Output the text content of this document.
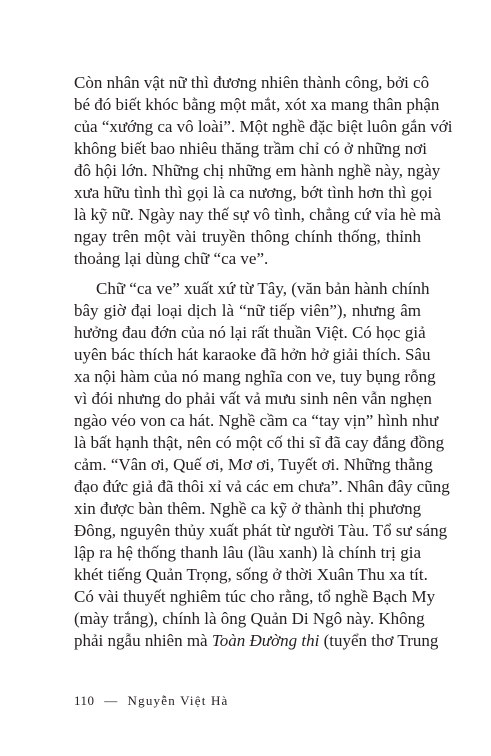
Còn nhân vật nữ thì đương nhiên thành công, bởi cô
bé đó biết khóc bằng một mắt, xót xa mang thân phận
của “xướng ca vô loài”. Một nghề đặc biệt luôn gắn với
không biết bao nhiêu thăng trầm chỉ có ở những nơi
đô hội lớn. Những chị những em hành nghề này, ngày
xưa hữu tình thì gọi là ca nương, bớt tình hơn thì gọi
là kỹ nữ. Ngày nay thế sự vô tình, chẳng cứ vỉa hè mà
ngay trên một vài truyền thông chính thống, thỉnh
thoảng lại dùng chữ “ca ve”.
Chữ “ca ve” xuất xứ từ Tây, (văn bản hành chính
bây giờ đại loại dịch là “nữ tiếp viên”), nhưng âm
hưởng đau đớn của nó lại rất thuần Việt. Có học giả
uyên bác thích hát karaoke đã hởn hở giải thích. Sâu
xa nội hàm của nó mang nghĩa con ve, tuy bụng rỗng
vì đói nhưng do phải vất vả mưu sinh nên vẫn nghẹn
ngào véo von ca hát. Nghề cầm ca “tay vịn” hình như
là bất hạnh thật, nên có một cố thi sĩ đã cay đắng đồng
cảm. “Vân ơi, Quế ơi, Mơ ơi, Tuyết ơi. Những thằng
đạo đức giả đã thôi xỉ vả các em chưa”. Nhân đây cũng
xin được bàn thêm. Nghề ca kỹ ở thành thị phương
Đông, nguyên thủy xuất phát từ người Tàu. Tổ sư sáng
lập ra hệ thống thanh lâu (lầu xanh) là chính trị gia
khét tiếng Quản Trọng, sống ở thời Xuân Thu xa tít.
Có vài thuyết nghiêm túc cho rằng, tổ nghề Bạch My
(mày trắng), chính là ông Quản Di Ngô này. Không
phải ngẫu nhiên mà Toàn Đường thi (tuyển thơ Trung
110 — Nguyễn Việt Hà
